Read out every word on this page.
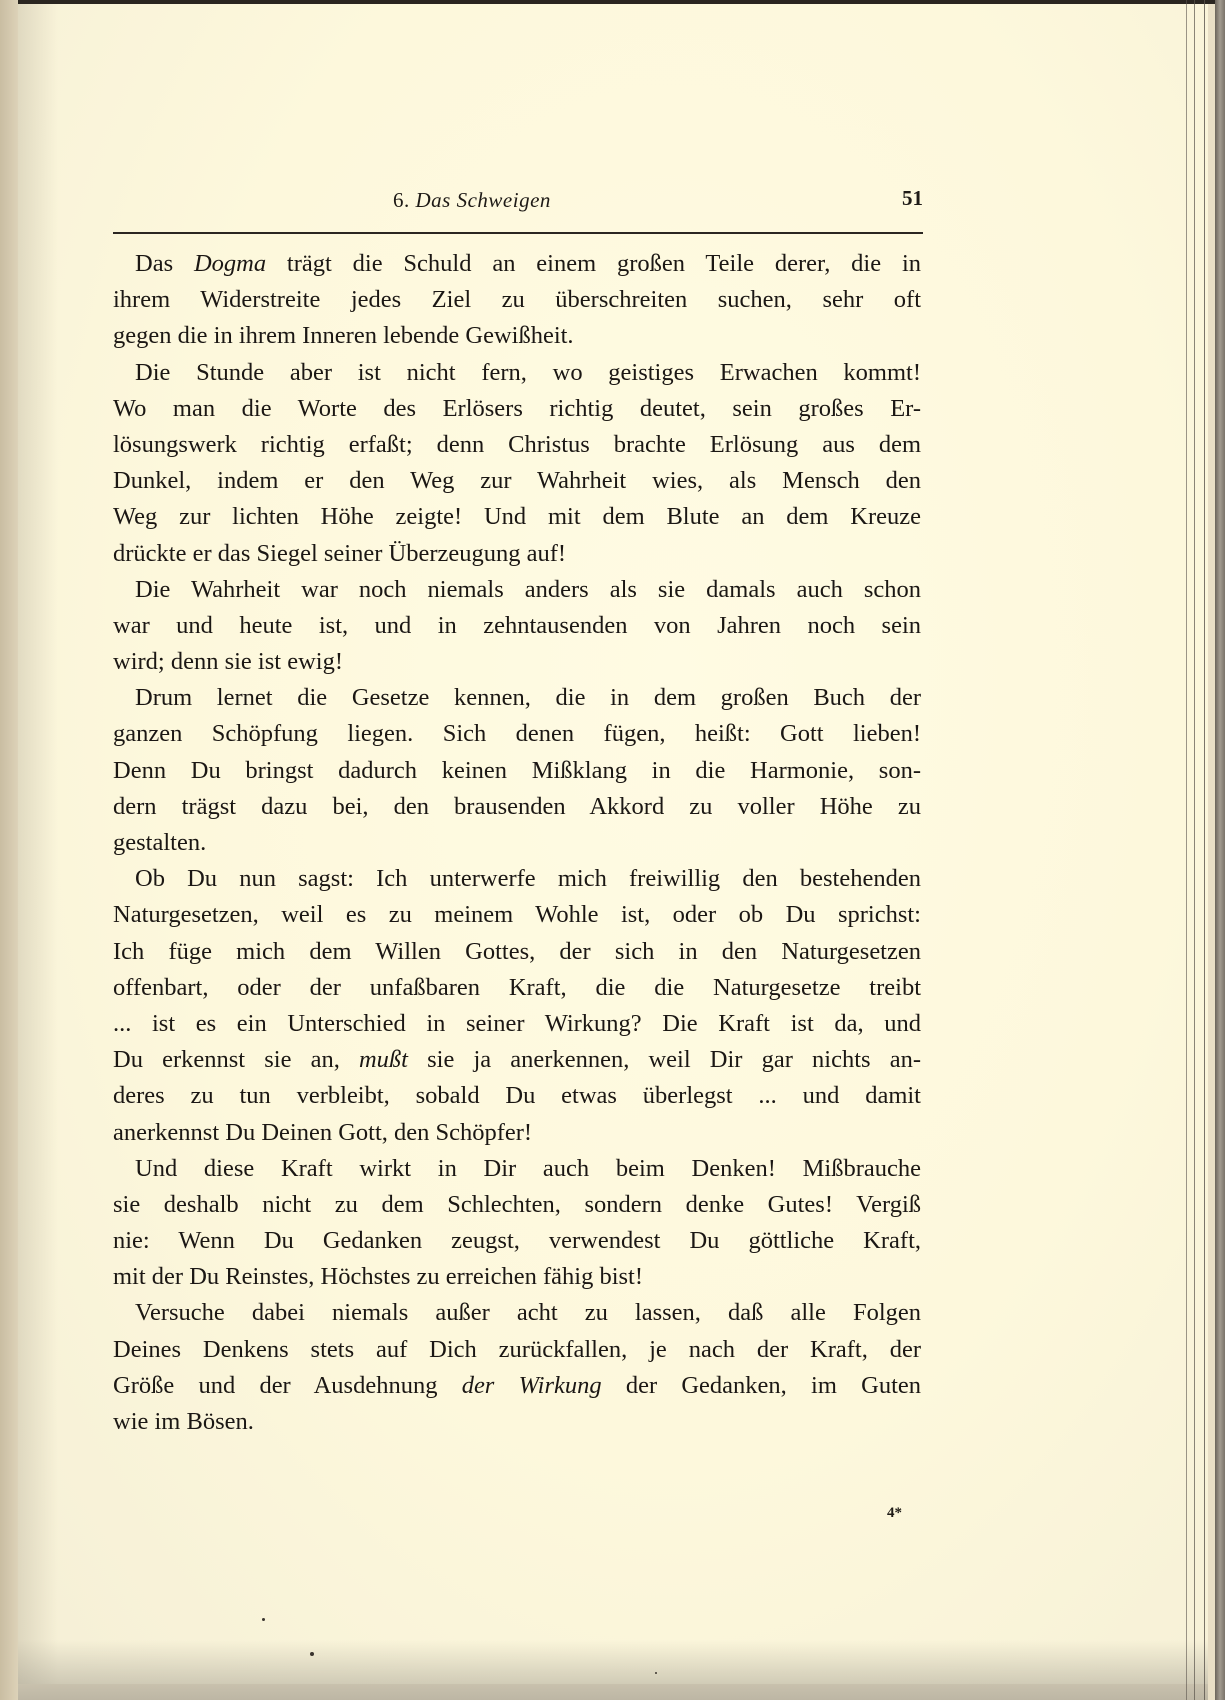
6. Das Schweigen	51
Das Dogma trägt die Schuld an einem großen Teile derer, die in
ihrem Widerstreite jedes Ziel zu überschreiten suchen, sehr oft
gegen die in ihrem Inneren lebende Gewißheit.
Die Stunde aber ist nicht fern, wo geistiges Erwachen kommt!
Wo man die Worte des Erlösers richtig deutet, sein großes Er-
lösungswerk richtig erfaßt; denn Christus brachte Erlösung aus dem
Dunkel, indem er den Weg zur Wahrheit wies, als Mensch den
Weg zur lichten Höhe zeigte! Und mit dem Blute an dem Kreuze
drückte er das Siegel seiner Überzeugung auf!
Die Wahrheit war noch niemals anders als sie damals auch schon
war und heute ist, und in zehntausenden von Jahren noch sein
wird; denn sie ist ewig!
Drum lernet die Gesetze kennen, die in dem großen Buch der
ganzen Schöpfung liegen. Sich denen fügen, heißt: Gott lieben!
Denn Du bringst dadurch keinen Mißklang in die Harmonie, son-
dern trägst dazu bei, den brausenden Akkord zu voller Höhe zu
gestalten.
Ob Du nun sagst: Ich unterwerfe mich freiwillig den bestehenden
Naturgesetzen, weil es zu meinem Wohle ist, oder ob Du sprichst:
Ich füge mich dem Willen Gottes, der sich in den Naturgesetzen
offenbart, oder der unfaßbaren Kraft, die die Naturgesetze treibt
... ist es ein Unterschied in seiner Wirkung? Die Kraft ist da, und
Du erkennst sie an, mußt sie ja anerkennen, weil Dir gar nichts an-
deres zu tun verbleibt, sobald Du etwas überlegst ... und damit
anerkennst Du Deinen Gott, den Schöpfer!
Und diese Kraft wirkt in Dir auch beim Denken! Mißbrauche
sie deshalb nicht zu dem Schlechten, sondern denke Gutes! Vergiß
nie: Wenn Du Gedanken zeugst, verwendest Du göttliche Kraft,
mit der Du Reinstes, Höchstes zu erreichen fähig bist!
Versuche dabei niemals außer acht zu lassen, daß alle Folgen
Deines Denkens stets auf Dich zurückfallen, je nach der Kraft, der
Größe und der Ausdehnung der Wirkung der Gedanken, im Guten
wie im Bösen.
4*
